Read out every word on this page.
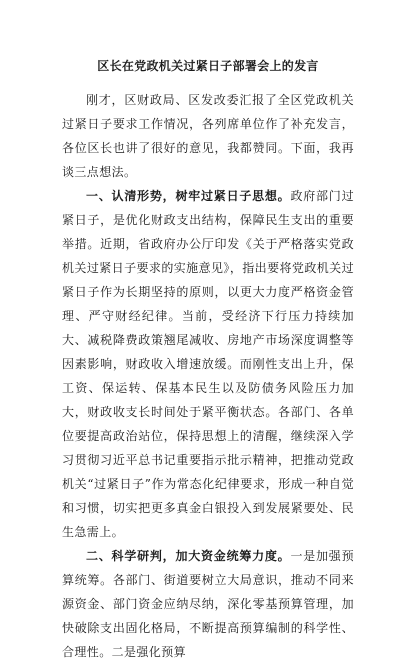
区长在党政机关过紧日子部署会上的发言

刚才，区财政局、区发改委汇报了全区党政机关过紧日子要求工作情况，各列席单位作了补充发言，各位区长也讲了很好的意见，我都赞同。下面，我再谈三点想法。

一、认清形势，树牢过紧日子思想。政府部门过紧日子，是优化财政支出结构，保障民生支出的重要举措。近期，省政府办公厅印发《关于严格落实党政机关过紧日子要求的实施意见》，指出要将党政机关过紧日子作为长期坚持的原则，以更大力度严格资金管理、严守财经纪律。当前，受经济下行压力持续加大、减税降费政策翘尾减收、房地产市场深度调整等因素影响，财政收入增速放缓。而刚性支出上升，保工资、保运转、保基本民生以及防债务风险压力加大，财政收支长时间处于紧平衡状态。各部门、各单位要提高政治站位，保持思想上的清醒，继续深入学习贯彻习近平总书记重要指示批示精神，把推动党政机关“过紧日子”作为常态化纪律要求，形成一种自觉和习惯，切实把更多真金白银投入到发展紧要处、民生急需上。

二、科学研判，加大资金统筹力度。一是加强预算统筹。各部门、街道要树立大局意识，推动不同来源资金、部门资金应纳尽纳，深化零基预算管理，加快破除支出固化格局，不断提高预算编制的科学性、合理性。二是强化预算
